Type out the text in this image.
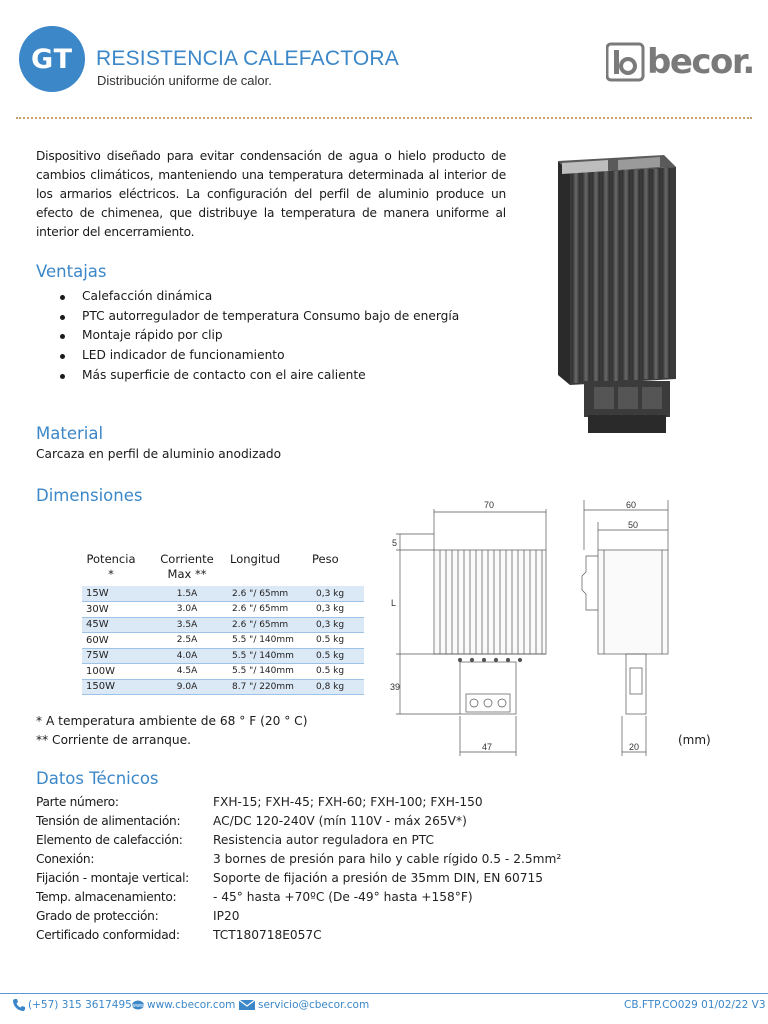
GT	RESISTENCIA CALEFACTORA
Distribución uniforme de calor.	becor.

Dispositivo diseñado para evitar condensación de agua o hielo producto de cambios climáticos, manteniendo una temperatura determinada al interior de los armarios eléctricos. La configuración del perfil de aluminio produce un efecto de chimenea, que distribuye la temperatura de manera uniforme al interior del encerramiento.

Ventajas
Calefacción dinámica
PTC autorregulador de temperatura Consumo bajo de energía
Montaje rápido por clip
LED indicador de funcionamiento
Más superficie de contacto con el aire caliente
Material
Carcaza en perfil de aluminio anodizado
Dimensiones
Potencia *	Corriente Max **	Longitud	Peso
15W	1.5A	2.6 "/ 65mm	0,3 kg
30W	3.0A	2.6 "/ 65mm	0,3 kg
45W	3.5A	2.6 "/ 65mm	0,3 kg
60W	2.5A	5.5 "/ 140mm	0.5 kg
75W	4.0A	5.5 "/ 140mm	0.5 kg
100W	4.5A	5.5 "/ 140mm	0.5 kg
150W	9.0A	8.7 "/ 220mm	0,8 kg
* A temperatura ambiente de 68 ° F (20 ° C)
** Corriente de arranque.
70
5
L
39
47
60
50
20	(mm)
Datos Técnicos
Parte número:	FXH-15; FXH-45; FXH-60; FXH-100; FXH-150
Tensión de alimentación:	AC/DC 120-240V (mín 110V - máx 265V*)
Elemento de calefacción:	Resistencia autor reguladora en PTC
Conexión:	3 bornes de presión para hilo y cable rígido 0.5 - 2.5mm²
Fijación - montaje vertical:	Soporte de fijación a presión de 35mm DIN, EN 60715
Temp. almacenamiento:	- 45° hasta +70ºC (De -49° hasta +158°F)
Grado de protección:	IP20
Certificado conformidad:	TCT180718E057C
(+57) 315 3617495 www www.cbecor.com servicio@cbecor.com	CB.FTP.CO029 01/02/22 V3
